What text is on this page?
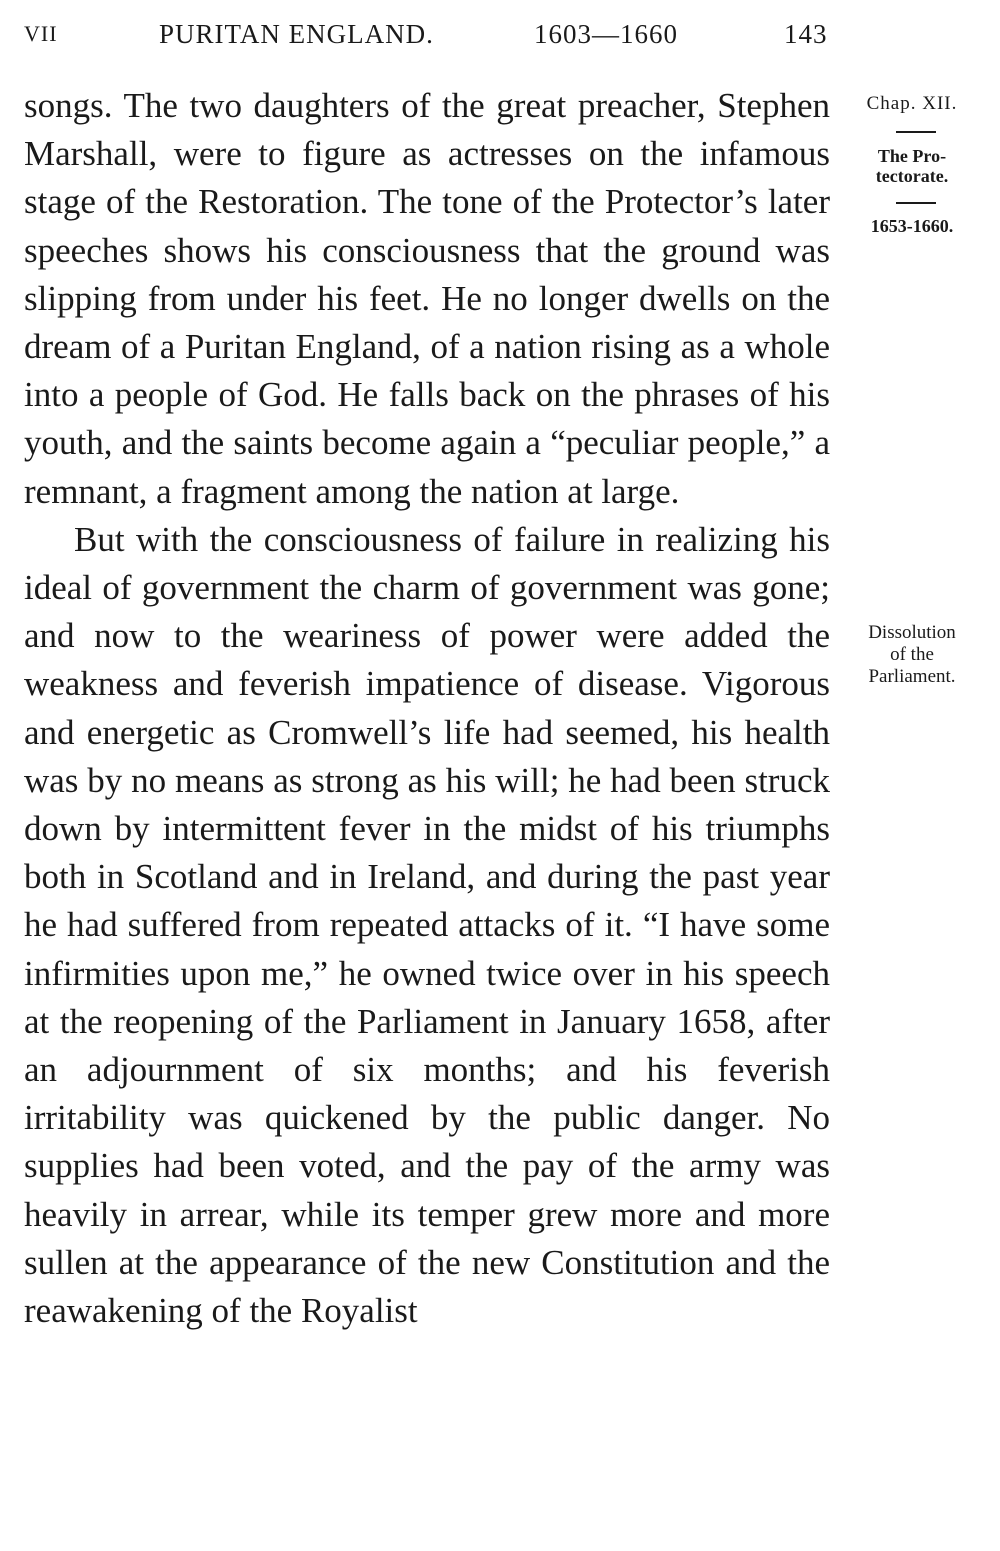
VII	PURITAN ENGLAND.	1603—1660	143

songs. The two daughters of the great preacher, Stephen Marshall, were to figure as actresses on the infamous stage of the Restoration. The tone of the Protector’s later speeches shows his consciousness that the ground was slipping from under his feet. He no longer dwells on the dream of a Puritan England, of a nation rising as a whole into a people of God. He falls back on the phrases of his youth, and the saints become again a “peculiar people,” a remnant, a fragment among the nation at large.

But with the consciousness of failure in realizing his ideal of government the charm of government was gone; and now to the weariness of power were added the weakness and feverish impatience of disease. Vigorous and energetic as Cromwell’s life had seemed, his health was by no means as strong as his will; he had been struck down by intermittent fever in the midst of his triumphs both in Scotland and in Ireland, and during the past year he had suffered from repeated attacks of it. “I have some infirmities upon me,” he owned twice over in his speech at the reopening of the Parliament in January 1658, after an adjournment of six months; and his feverish irritability was quickened by the public danger. No supplies had been voted, and the pay of the army was heavily in arrear, while its temper grew more and more sullen at the appearance of the new Constitution and the reawakening of the Royalist

Chap. XII.
The Pro-
tectorate.
1653-1660.
Dissolution
of the
Parliament.
